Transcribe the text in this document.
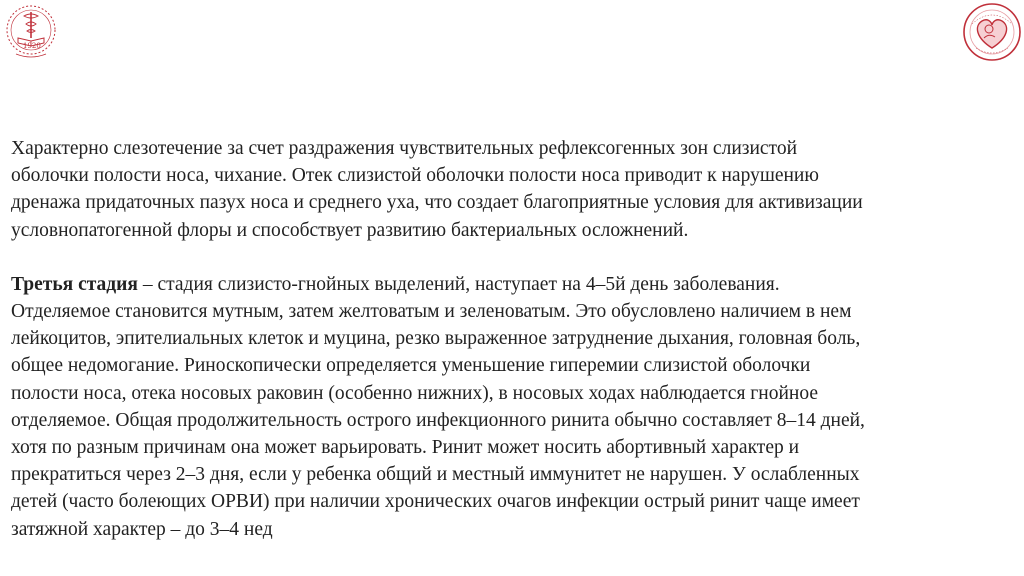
1920

Характерно слезотечение за счет раздражения чувствительных рефлексогенных зон слизистой
оболочки полости носа, чихание. Отек слизистой оболочки полости носа приводит к нарушению
дренажа придаточных пазух носа и среднего уха, что создает благоприятные условия для активизации
условнопатогенной флоры и способствует развитию бактериальных осложнений.

Третья стадия – стадия слизисто-гнойных выделений, наступает на 4–5й день заболевания.
Отделяемое становится мутным, затем желтоватым и зеленоватым. Это обусловлено наличием в нем
лейкоцитов, эпителиальных клеток и муцина, резко выраженное затруднение дыхания, головная боль,
общее недомогание. Риноскопически определяется уменьшение гиперемии слизистой оболочки
полости носа, отека носовых раковин (особенно нижних), в носовых ходах наблюдается гнойное
отделяемое. Общая продолжительность острого инфекционного ринита обычно составляет 8–14 дней,
хотя по разным причинам она может варьировать. Ринит может носить абортивный характер и
прекратиться через 2–3 дня, если у ребенка общий и местный иммунитет не нарушен. У ослабленных
детей (часто болеющих ОРВИ) при наличии хронических очагов инфекции острый ринит чаще имеет
затяжной характер – до 3–4 нед
